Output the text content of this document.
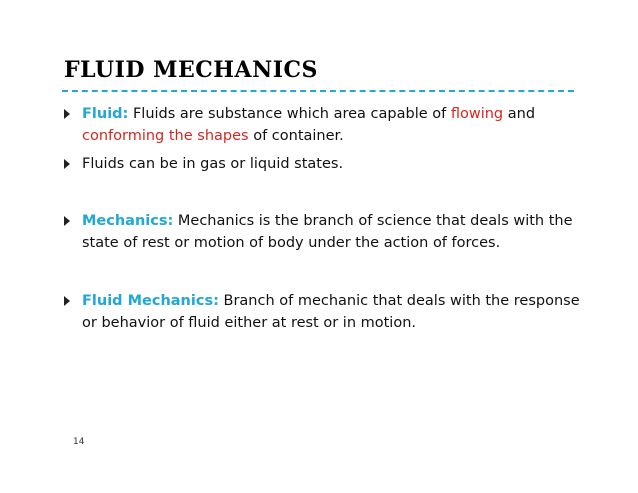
FLUID MECHANICS
Fluid: Fluids are substance which area capable of flowing and conforming the shapes of container.
Fluids can be in gas or liquid states.
Mechanics: Mechanics is the branch of science that deals with the state of rest or motion of body under the action of forces.
Fluid Mechanics: Branch of mechanic that deals with the response or behavior of fluid either at rest or in motion.
14
